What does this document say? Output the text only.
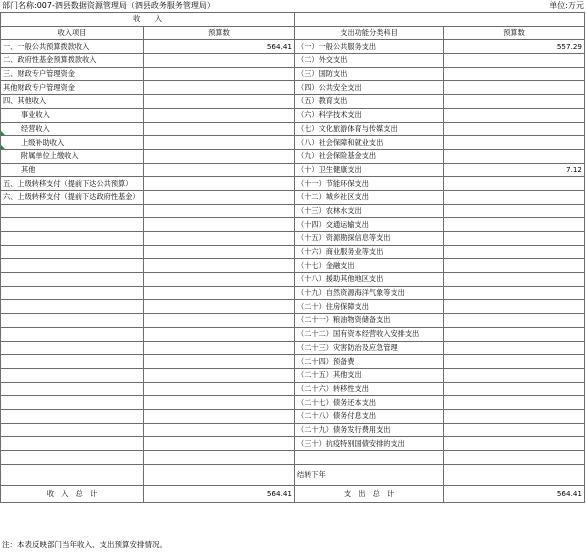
部门名称:007-泗县数据资源管理局（泗县政务服务管理局）	单位:万元
收　　入			
收入项目	预算数	支出功能分类科目	预算数
一、一般公共预算拨款收入	564.41	（一）一般公共服务支出	557.29
二、政府性基金预算拨款收入		（二）外交支出	
三、财政专户管理资金		（三）国防支出	
其他财政专户管理资金		（四）公共安全支出	
四、其他收入		（五）教育支出	
事业收入		（六）科学技术支出	

经营收入		（七）文化旅游体育与传媒支出	

上级补助收入		（八）社会保障和就业支出	
附属单位上缴收入		（九）社会保险基金支出	
其他		（十）卫生健康支出	7.12
五、上级转移支付（提前下达公共预算）		（十一）节能环保支出	
六、上级转移支付（提前下达政府性基金）		（十二）城乡社区支出	
		（十三）农林水支出	
		（十四）交通运输支出	
		（十五）资源勘探信息等支出	
		（十六）商业服务业等支出	
		（十七）金融支出	
		（十八）援助其他地区支出	
		（十九）自然资源海洋气象等支出	
		（二十）住房保障支出	
		（二十一）粮油物资储备支出	
		（二十二）国有资本经营收入安排支出	
		（二十三）灾害防治及应急管理	
		（二十四）预备费	
		（二十五）其他支出	
		（二十六）转移性支出	
		（二十七）债务还本支出	
		（二十八）债务付息支出	
		（二十九）债务发行费用支出	
		（三十）抗疫特别国债安排的支出	

		结转下年	
收　入　总　计	564.41	支　出　总　计	564.41
注：本表反映部门当年收入、支出预算安排情况。
